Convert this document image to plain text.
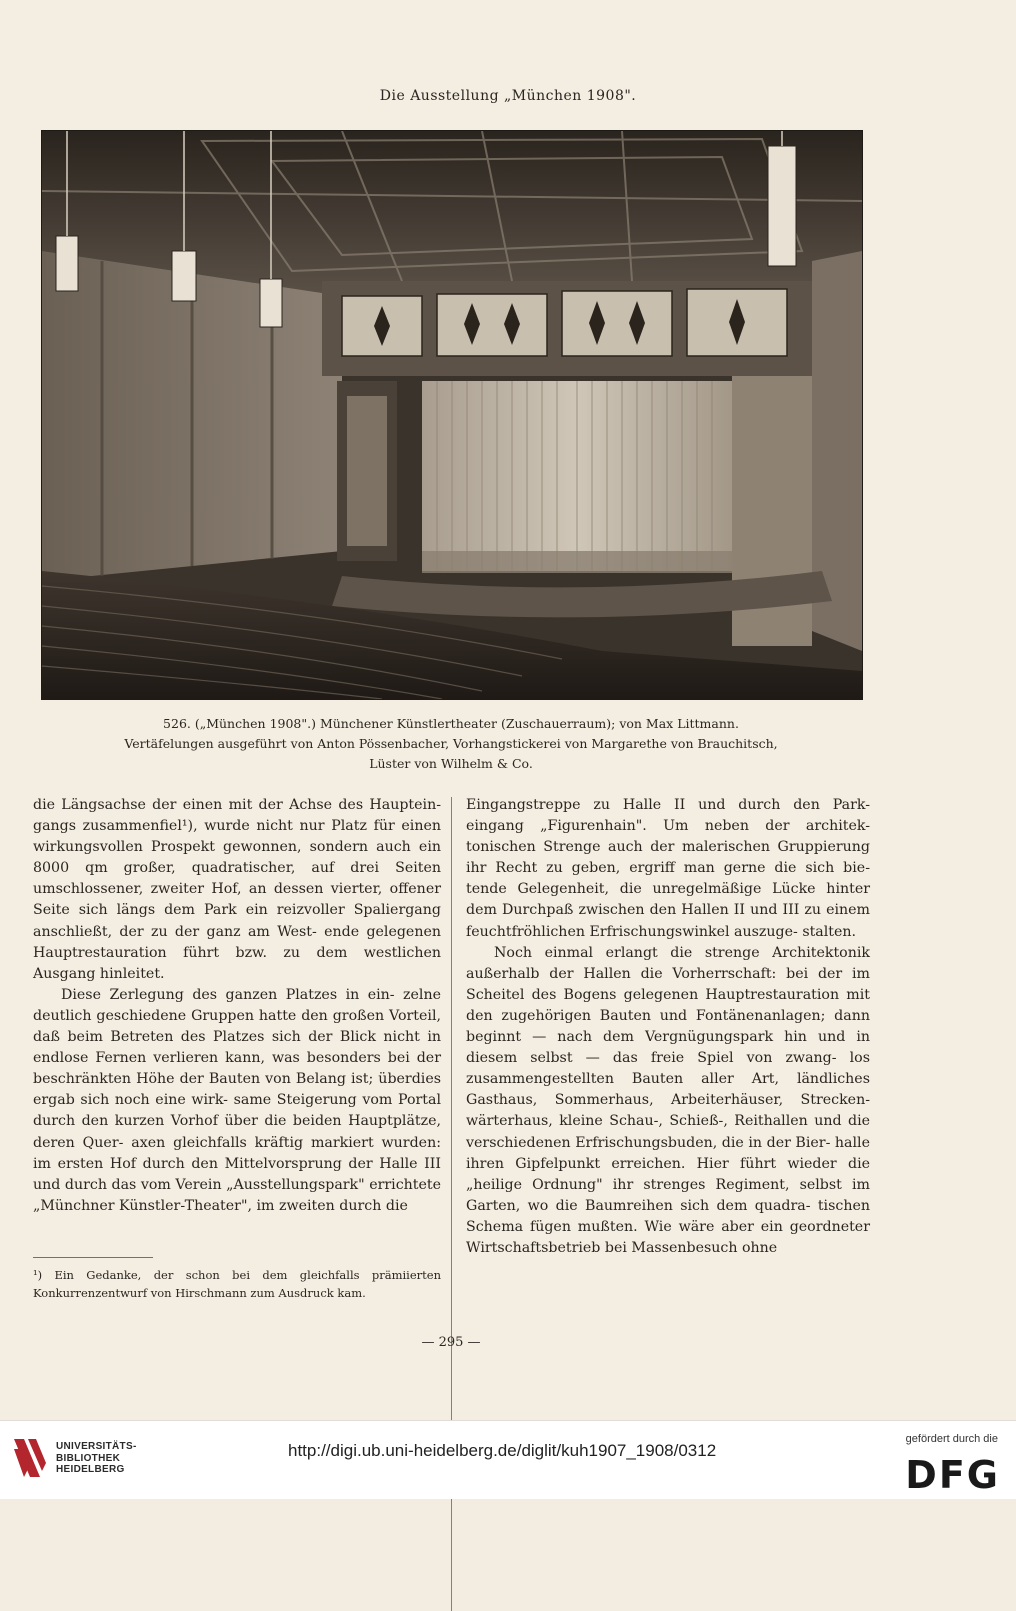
Die Ausstellung „München 1908".
526. („München 1908".) Münchener Künstlertheater (Zuschauerraum); von Max Littmann.
Vertäfelungen ausgeführt von Anton Pössenbacher, Vorhangstickerei von Margarethe von Brauchitsch,
Lüster von Wilhelm & Co.

die Längsachse der einen mit der Achse des Hauptein- gangs zusammenfiel¹), wurde nicht nur Platz für einen wirkungsvollen Prospekt gewonnen, sondern auch ein 8000 qm großer, quadratischer, auf drei Seiten umschlossener, zweiter Hof, an dessen vierter, offener Seite sich längs dem Park ein reizvoller Spaliergang anschließt, der zu der ganz am West- ende gelegenen Hauptrestauration führt bzw. zu dem westlichen Ausgang hinleitet.

Diese Zerlegung des ganzen Platzes in ein- zelne deutlich geschiedene Gruppen hatte den großen Vorteil, daß beim Betreten des Platzes sich der Blick nicht in endlose Fernen verlieren kann, was besonders bei der beschränkten Höhe der Bauten von Belang ist; überdies ergab sich noch eine wirk- same Steigerung vom Portal durch den kurzen Vorhof über die beiden Hauptplätze, deren Quer- axen gleichfalls kräftig markiert wurden: im ersten Hof durch den Mittelvorsprung der Halle III und durch das vom Verein „Ausstellungspark" errichtete „Münchner Künstler-Theater", im zweiten durch die

Eingangstreppe zu Halle II und durch den Park- eingang „Figurenhain". Um neben der architek- tonischen Strenge auch der malerischen Gruppierung ihr Recht zu geben, ergriff man gerne die sich bie- tende Gelegenheit, die unregelmäßige Lücke hinter dem Durchpaß zwischen den Hallen II und III zu einem feuchtfröhlichen Erfrischungswinkel auszuge- stalten.

Noch einmal erlangt die strenge Architektonik außerhalb der Hallen die Vorherrschaft: bei der im Scheitel des Bogens gelegenen Hauptrestauration mit den zugehörigen Bauten und Fontänenanlagen; dann beginnt — nach dem Vergnügungspark hin und in diesem selbst — das freie Spiel von zwang- los zusammengestellten Bauten aller Art, ländliches Gasthaus, Sommerhaus, Arbeiterhäuser, Strecken- wärterhaus, kleine Schau-, Schieß-, Reithallen und die verschiedenen Erfrischungsbuden, die in der Bier- halle ihren Gipfelpunkt erreichen. Hier führt wieder die „heilige Ordnung" ihr strenges Regiment, selbst im Garten, wo die Baumreihen sich dem quadra- tischen Schema fügen mußten. Wie wäre aber ein geordneter Wirtschaftsbetrieb bei Massenbesuch ohne

¹) Ein Gedanke, der schon bei dem gleichfalls prämiierten Konkurrenzentwurf von Hirschmann zum Ausdruck kam.
— 295 —
UNIVERSITÄTS-
BIBLIOTHEK
HEIDELBERG
http://digi.ub.uni-heidelberg.de/diglit/kuh1907_1908/0312
gefördert durch die
DFG
